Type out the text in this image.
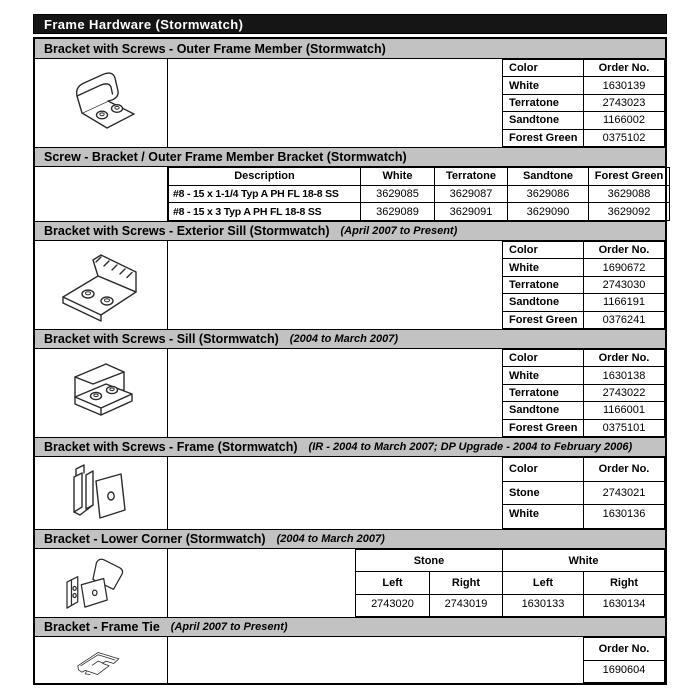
Frame Hardware (Stormwatch)
Bracket with Screws - Outer Frame Member (Stormwatch)
Color	Order No.
White	1630139
Terratone	2743023
Sandtone	1166002
Forest Green	0375102
Screw - Bracket / Outer Frame Member Bracket (Stormwatch)
Description	White	Terratone	Sandtone	Forest Green
#8 - 15 x 1-1/4 Typ A PH FL 18-8 SS	3629085	3629087	3629086	3629088
#8 - 15 x 3 Typ A PH FL 18-8 SS	3629089	3629091	3629090	3629092
Bracket with Screws - Exterior Sill (Stormwatch) (April 2007 to Present)
Color	Order No.
White	1690672
Terratone	2743030
Sandtone	1166191
Forest Green	0376241
Bracket with Screws - Sill (Stormwatch) (2004 to March 2007)
Color	Order No.
White	1630138
Terratone	2743022
Sandtone	1166001
Forest Green	0375101
Bracket with Screws - Frame (Stormwatch) (IR - 2004 to March 2007; DP Upgrade - 2004 to February 2006)
Color	Order No.
Stone	2743021
White	1630136
Bracket - Lower Corner (Stormwatch) (2004 to March 2007)
Stone		White	
Left	Right	Left	Right
2743020	2743019	1630133	1630134
Bracket - Frame Tie (April 2007 to Present)
Order No.
1690604
